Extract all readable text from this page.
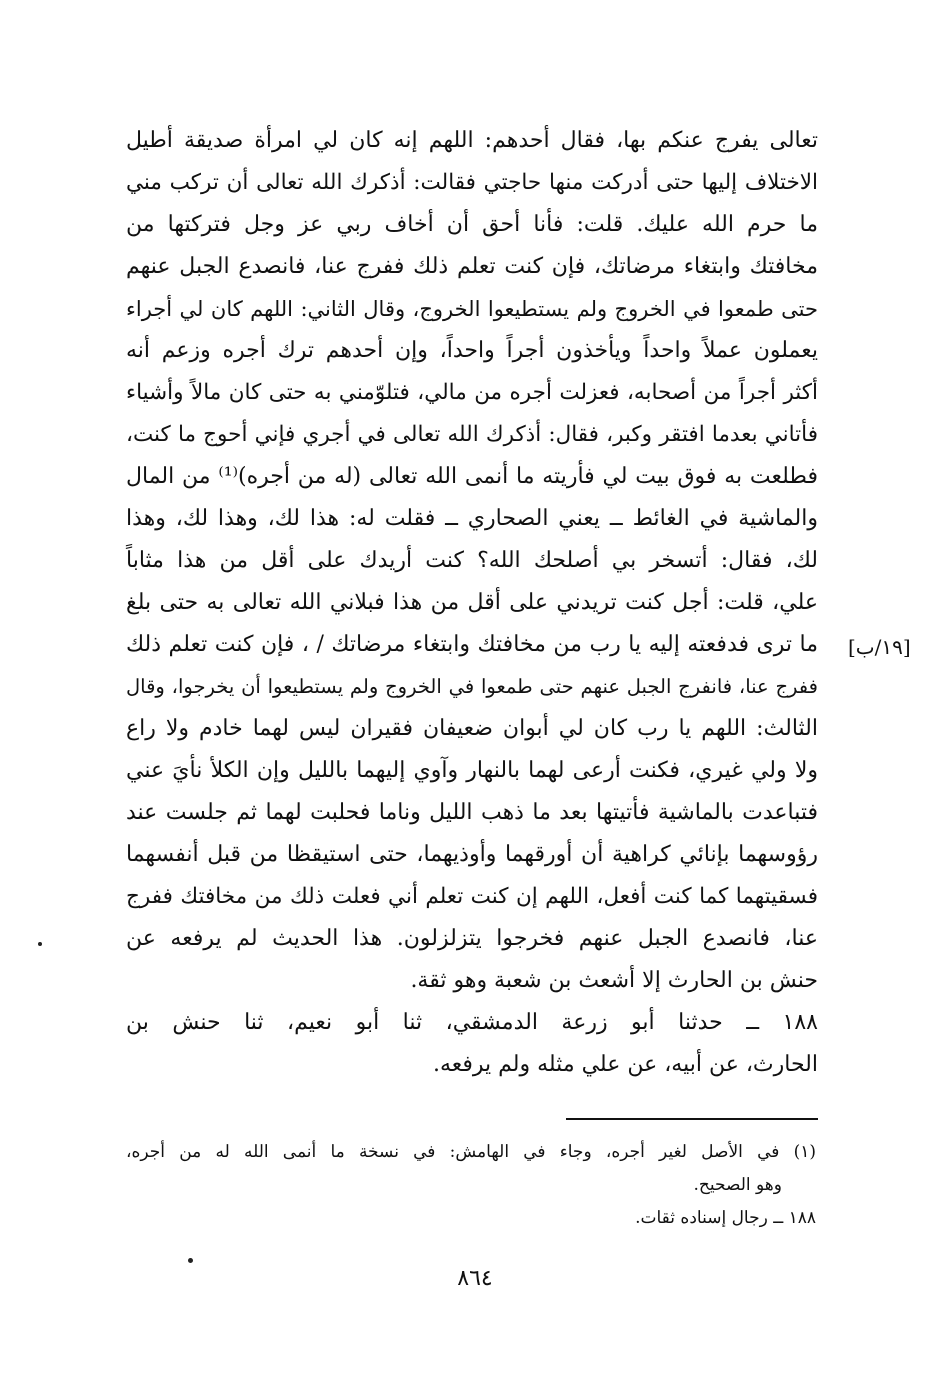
تعالى يفرج عنكم بها، فقال أحدهم: اللهم إنه كان لي امرأة صديقة أطيل
الاختلاف إليها حتى أدركت منها حاجتي فقالت: أذكرك الله تعالى أن تركب مني
ما حرم الله عليك. قلت: فأنا أحق أن أخاف ربي عز وجل فتركتها من
مخافتك وابتغاء مرضاتك، فإن كنت تعلم ذلك ففرج عنا، فانصدع الجبل عنهم
حتى طمعوا في الخروج ولم يستطيعوا الخروج، وقال الثاني: اللهم كان لي أجراء
يعملون عملاً واحداً ويأخذون أجراً واحداً، وإن أحدهم ترك أجره وزعم أنه
أكثر أجراً من أصحابه، فعزلت أجره من مالي، فتلوّمني به حتى كان مالاً وأشياء
فأتاني بعدما افتقر وكبر، فقال: أذكرك الله تعالى في أجري فإني أحوج ما كنت،
فطلعت به فوق بيت لي فأريته ما أنمى الله تعالى (له من أجره)⁽¹⁾ من المال
والماشية في الغائط ــ يعني الصحاري ــ فقلت له: هذا لك، وهذا لك، وهذا
لك، فقال: أتسخر بي أصلحك الله؟ كنت أريدك على أقل من هذا مثاباً
علي، قلت: أجل كنت تريدني على أقل من هذا فبلاني الله تعالى به حتى بلغ
ما ترى فدفعته إليه يا رب من مخافتك وابتغاء مرضاتك / ، فإن كنت تعلم ذلك
ففرج عنا، فانفرج الجبل عنهم حتى طمعوا في الخروج ولم يستطيعوا أن يخرجوا، وقال
الثالث: اللهم يا رب كان لي أبوان ضعيفان فقيران ليس لهما خادم ولا راع
ولا ولي غيري، فكنت أرعى لهما بالنهار وآوي إليهما بالليل وإن الكلأ نأيَ عني
فتباعدت بالماشية فأتيتها بعد ما ذهب الليل وناما فحلبت لهما ثم جلست عند
رؤوسهما بإنائي كراهية أن أورقهما وأوذيهما، حتى استيقظا من قبل أنفسهما
فسقيتهما كما كنت أفعل، اللهم إن كنت تعلم أني فعلت ذلك من مخافتك ففرج
عنا، فانصدع الجبل عنهم فخرجوا يتزلزلون. هذا الحديث لم يرفعه عن
حنش بن الحارث إلا أشعث بن شعبة وهو ثقة.
١٨٨ ــ حدثنا أبو زرعة الدمشقي، ثنا أبو نعيم، ثنا حنش بن
الحارث، عن أبيه، عن علي مثله ولم يرفعه.
[١٩/ب]
(١) في الأصل لغير أجره، وجاء في الهامش: في نسخة ما أنمى الله له من أجره،
وهو الصحيح.
١٨٨ ــ رجال إسناده ثقات.
٨٦٤
